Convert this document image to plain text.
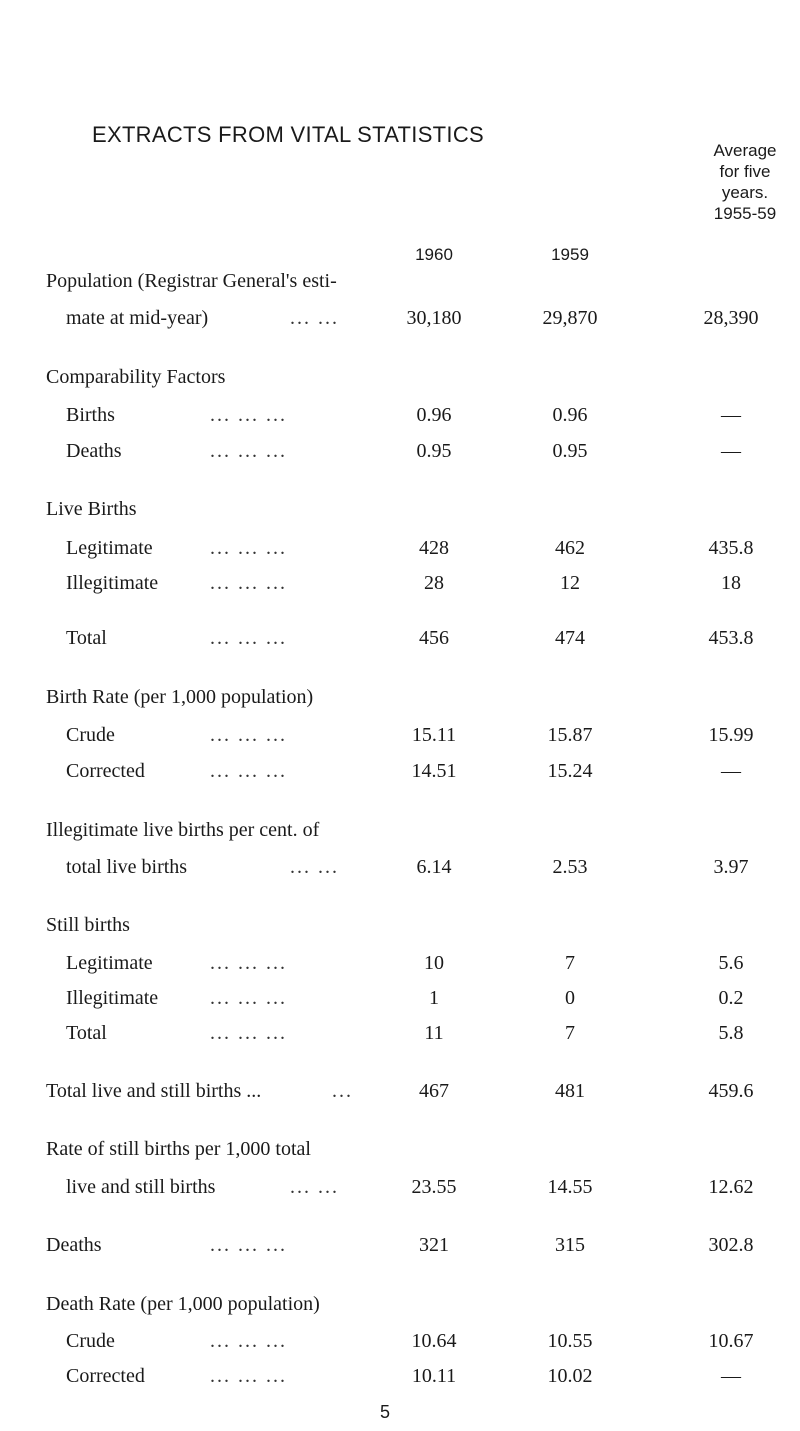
EXTRACTS FROM VITAL STATISTICS
Average
for five
years.
1955-59
1960	1959
Population (Registrar General's esti-
mate at mid-year)	... ...	30,180	29,870	28,390
Comparability Factors
Births	... ... ...	0.96	0.96	—
Deaths	... ... ...	0.95	0.95	—
Live Births
Legitimate	... ... ...	428	462	435.8
Illegitimate	... ... ...	28	12	18
Total	... ... ...	456	474	453.8
Birth Rate (per 1,000 population)
Crude	... ... ...	15.11	15.87	15.99
Corrected	... ... ...	14.51	15.24	—
Illegitimate live births per cent. of
total live births	... ...	6.14	2.53	3.97
Still births
Legitimate	... ... ...	10	7	5.6
Illegitimate	... ... ...	1	0	0.2
Total	... ... ...	11	7	5.8
Total live and still births ...	...	467	481	459.6
Rate of still births per 1,000 total
live and still births	... ...	23.55	14.55	12.62
Deaths	... ... ...	321	315	302.8
Death Rate (per 1,000 population)
Crude	... ... ...	10.64	10.55	10.67
Corrected	... ... ...	10.11	10.02	—
5
